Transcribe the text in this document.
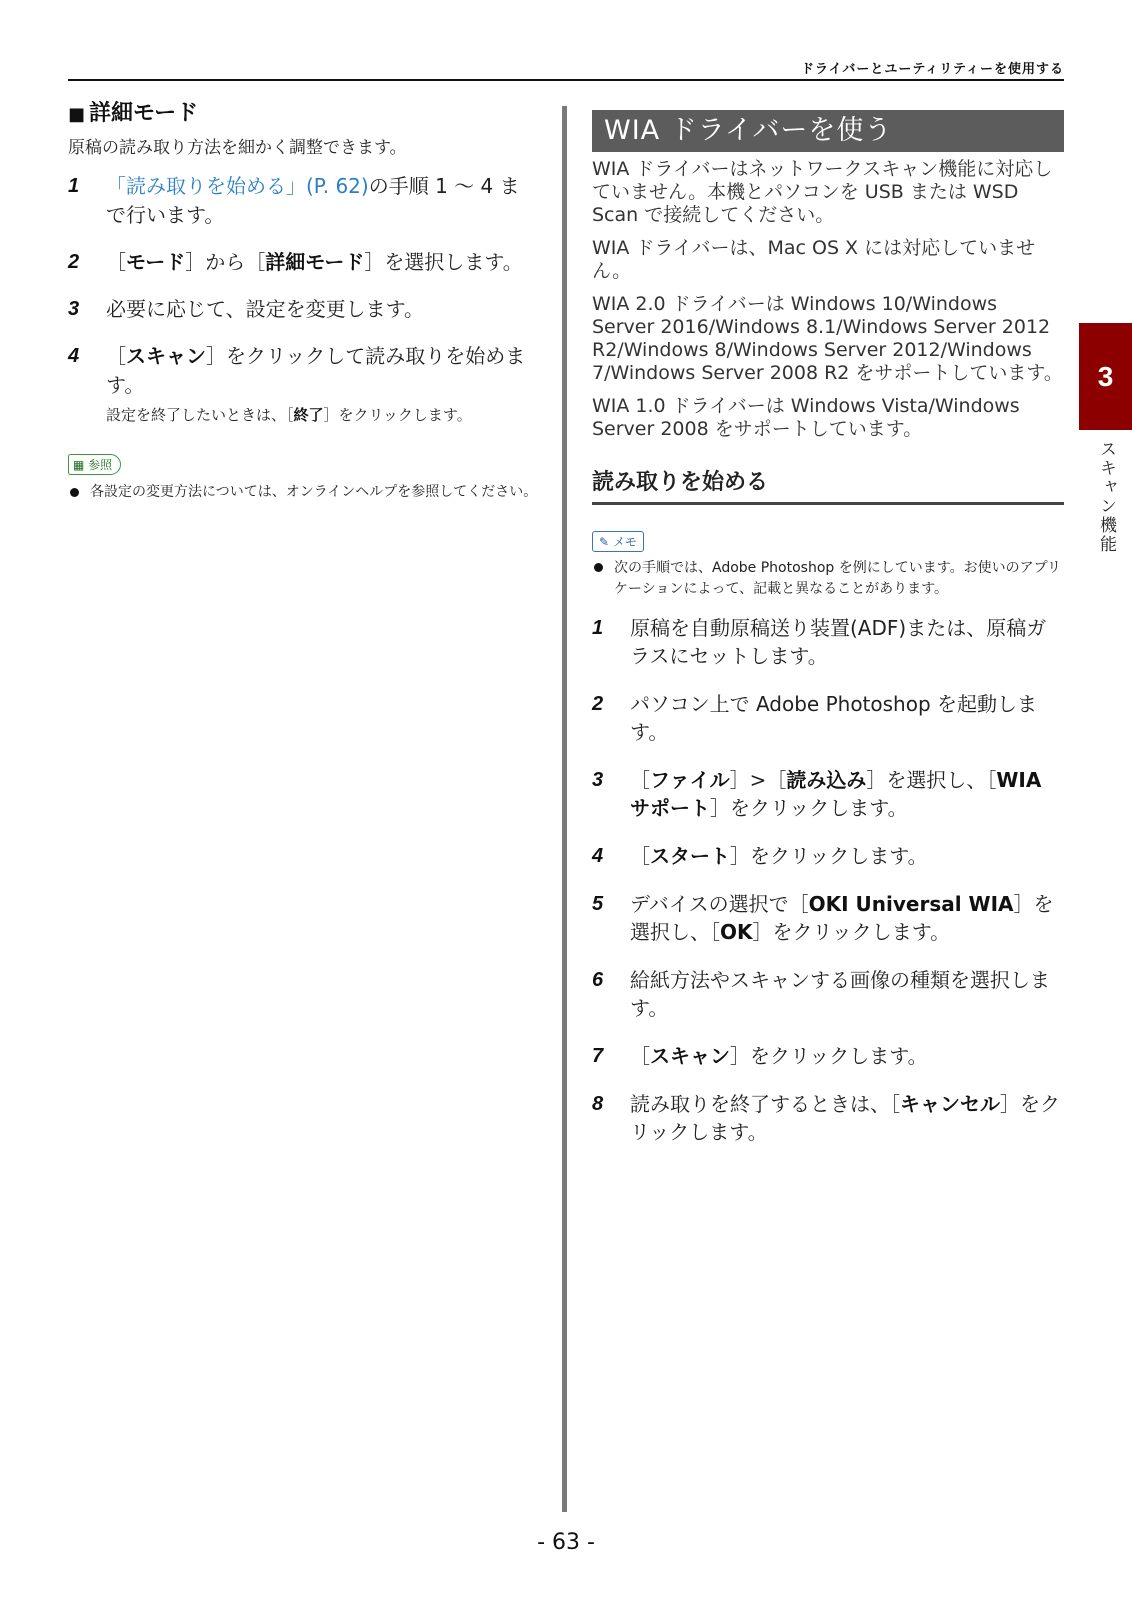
ドライバーとユーティリティーを使用する
■ 詳細モード

原稿の読み取り方法を細かく調整できます。

1 「読み取りを始める」(P. 62)の手順 1 〜 4 まで行います。
2 ［モード］から［詳細モード］を選択します。
3 必要に応じて、設定を変更します。
4 ［スキャン］をクリックして読み取りを始めます。
設定を終了したいときは、［終了］をクリックします。
▦ 参照
各設定の変更方法については、オンラインヘルプを参照してください。
WIA ドライバーを使う

WIA ドライバーはネットワークスキャン機能に対応していません。本機とパソコンを USB または WSD Scan で接続してください。

WIA ドライバーは、Mac OS X には対応していません。

WIA 2.0 ドライバーは Windows 10/Windows Server 2016/Windows 8.1/Windows Server 2012 R2/Windows 8/Windows Server 2012/Windows 7/Windows Server 2008 R2 をサポートしています。

WIA 1.0 ドライバーは Windows Vista/Windows Server 2008 をサポートしています。

読み取りを始める
✎ メモ
次の手順では、Adobe Photoshop を例にしています。お使いのアプリケーションによって、記載と異なることがあります。
1 原稿を自動原稿送り装置(ADF)または、原稿ガラスにセットします。
2 パソコン上で Adobe Photoshop を起動します。
3 ［ファイル］>［読み込み］を選択し、［WIA サポート］をクリックします。
4 ［スタート］をクリックします。
5 デバイスの選択で［OKI Universal WIA］を選択し、［OK］をクリックします。
6 給紙方法やスキャンする画像の種類を選択します。
7 ［スキャン］をクリックします。
8 読み取りを終了するときは、［キャンセル］をクリックします。
3
スキャン機能
- 63 -
